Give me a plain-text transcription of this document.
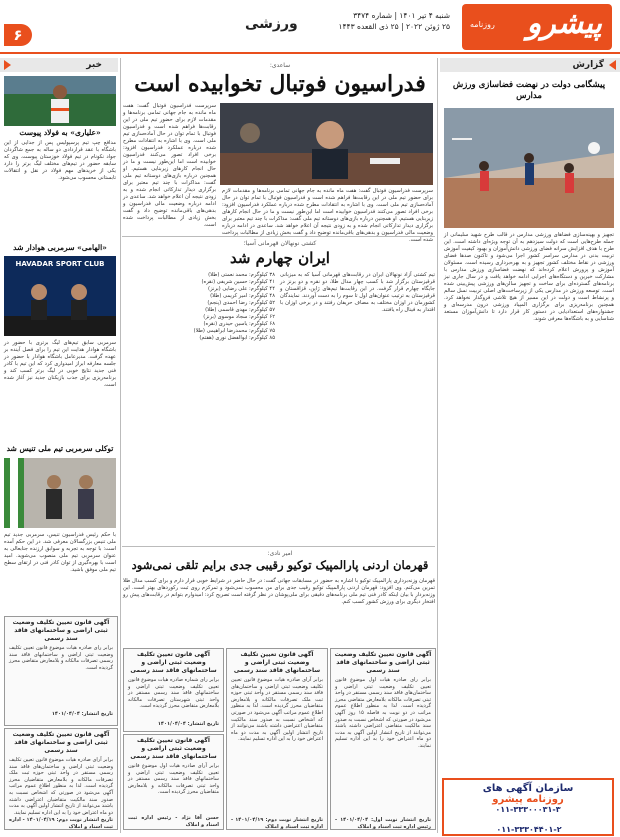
پیشرو
روزنامه
شنبه ۴ تیر ۱۴۰۱ | شماره ۳۴۷۴
۲۵ ژوئن ۲۰۲۲ | ۲۵ ذی القعده ۱۴۴۳
ورزشی
۶
گزارش
خبر
پیشگامی دولت در نهضت فضاسازی ورزش مدارس
تجهیز و بهینه‌سازی فضاهای ورزشی مدارس در قالب طرح شهید سلیمانی از جمله طرح‌هایی است که دولت سیزدهم به آن توجه ویژه‌ای داشته است. این طرح با هدف افزایش سرانه فضای ورزشی دانش‌آموزان و بهبود کیفیت آموزش تربیت بدنی در مدارس سراسر کشور اجرا می‌شود و تاکنون صدها فضای ورزشی در نقاط مختلف کشور تجهیز و به بهره‌برداری رسیده است. مسئولان آموزش و پرورش اعلام کرده‌اند که نهضت فضاسازی ورزش مدارس با مشارکت خیرین و دستگاه‌های اجرایی ادامه خواهد یافت و در سال جاری نیز برنامه‌های گسترده‌ای برای ساخت و تجهیز سالن‌های ورزشی پیش‌بینی شده است. توسعه ورزش در مدارس یکی از زیرساخت‌های اصلی تربیت نسل سالم و پرنشاط است و دولت در این مسیر از هیچ تلاشی فروگذار نخواهد کرد. همچنین برنامه‌ریزی برای برگزاری المپیاد ورزشی درون مدرسه‌ای و جشنواره‌های استعدادیابی در دستور کار قرار دارد تا دانش‌آموزان مستعد شناسایی و به باشگاه‌ها معرفی شوند.
سازمان آگهی های
روزنامه پیشرو
۰۱۱-۳۳۳۰۰۰۳۱-۳
۰۱۱-۳۳۳۰۴۴۰۱-۲
ساعدی:
فدراسیون فوتبال تخوابیده است
سرپرست فدراسیون فوتبال گفت: هفت ماه مانده به جام جهانی تمامی برنامه‌ها و مقدمات لازم برای حضور تیم ملی در این رقابت‌ها فراهم شده است و فدراسیون فوتبال با تمام توان در حال آماده‌سازی تیم ملی است. وی با اشاره به انتقادات مطرح شده درباره عملکرد فدراسیون افزود: برخی افراد تصور می‌کنند فدراسیون خوابیده است اما این‌طور نیست و ما در حال انجام کارهای زیربنایی هستیم. او همچنین درباره بازی‌های دوستانه تیم ملی گفت: مذاکرات با چند تیم معتبر برای برگزاری دیدار تدارکاتی انجام شده و به زودی نتیجه آن اعلام خواهد شد. ساعدی در ادامه درباره وضعیت مالی فدراسیون و بدهی‌های باقی‌مانده توضیح داد و گفت بخش زیادی از مطالبات پرداخت شده است.
سرپرست فدراسیون فوتبال گفت: هفت ماه مانده به جام جهانی تمامی برنامه‌ها و مقدمات لازم برای حضور تیم ملی در این رقابت‌ها فراهم شده است و فدراسیون فوتبال با تمام توان در حال آماده‌سازی تیم ملی است. وی با اشاره به انتقادات مطرح شده درباره عملکرد فدراسیون افزود: برخی افراد تصور می‌کنند فدراسیون خوابیده است اما این‌طور نیست و ما در حال انجام کارهای زیربنایی هستیم. او همچنین درباره بازی‌های دوستانه تیم ملی گفت: مذاکرات با چند تیم معتبر برای برگزاری دیدار تدارکاتی انجام شده و به زودی نتیجه آن اعلام خواهد شد. ساعدی در ادامه درباره وضعیت مالی فدراسیون و بدهی‌های باقی‌مانده توضیح داد و گفت بخش زیادی از مطالبات پرداخت شده است.
کشتی نونهالان قهرمانی آسیا؛
ایران چهارم شد
تیم کشتی آزاد نونهالان ایران در رقابت‌های قهرمانی آسیا که به میزبانی قرقیزستان برگزار شد با کسب چهار مدال طلا، دو نقره و دو برنز در جایگاه چهارم قرار گرفت. در این رقابت‌ها تیم‌های ژاپن، قزاقستان و قرقیزستان به ترتیب عنوان‌های اول تا سوم را به دست آوردند. نمایندگان کشورمان در اوزان مختلف به مصاف حریفان رفتند و در برخی اوزان با اقتدار به فینال راه یافتند.
۳۸ کیلوگرم: محمد نعمتی (طلا)
۴۱ کیلوگرم: حسین شریفی (نقره)
۴۴ کیلوگرم: علی رضایی (برنز)
۴۸ کیلوگرم: امیر کریمی (طلا)
۵۲ کیلوگرم: رضا احمدی (پنجم)
۵۷ کیلوگرم: مهدی قاسمی (طلا)
۶۲ کیلوگرم: سجاد موسوی (برنز)
۶۸ کیلوگرم: یاسین حیدری (نقره)
۷۵ کیلوگرم: محمدرضا ابراهیمی (طلا)
۸۵ کیلوگرم: ابوالفضل نوری (هفتم)
امیر نادی:
قهرمان اردنی پارالمپیک توکیو رقیبی جدی برایم تلقی نمی‌شود
قهرمان وزنه‌برداری پارالمپیک توکیو با اشاره به حضور در مسابقات جهانی گفت: در حال حاضر در شرایط خوبی قرار دارم و برای کسب مدال طلا تمرین می‌کنم. وی افزود: قهرمان اردنی پارالمپیک توکیو رقیب جدی برای من محسوب نمی‌شود و تمرکزم روی ثبت رکوردهای بهتر است. این وزنه‌بردار با بیان اینکه کادر فنی تیم ملی برنامه‌های دقیقی برای ملی‌پوشان در نظر گرفته است تصریح کرد: امیدوارم بتوانم در رقابت‌های پیش رو افتخار دیگری برای ورزش کشور کسب کنم.
آگهی قانون تعیین تکلیف وضعیت ثبتی اراضی و ساختمانهای فاقد سند رسمی
برابر رای صادره هیات اول موضوع قانون تعیین تکلیف وضعیت ثبتی اراضی و ساختمان‌های فاقد سند رسمی مستقر در واحد ثبتی تصرفات مالکانه بلامعارض متقاضی محرز گردیده است. لذا به منظور اطلاع عموم مراتب در دو نوبت به فاصله ۱۵ روز آگهی می‌شود در صورتی که اشخاص نسبت به صدور سند مالکیت متقاضی اعتراضی داشته باشند می‌توانند از تاریخ انتشار اولین آگهی به مدت دو ماه اعتراض خود را به این اداره تسلیم نمایند.
تاریخ انتشار نوبت اول: ۱۴۰۱/۰۴/۰۴ - رئیس اداره ثبت اسناد و املاک
آگهی قانون تعیین تکلیف وضعیت ثبتی اراضی و ساختمانهای فاقد سند رسمی
برابر آرای صادره هیات موضوع قانون تعیین تکلیف وضعیت ثبتی اراضی و ساختمان‌های فاقد سند رسمی مستقر در واحد ثبتی حوزه ثبت ملک تصرفات مالکانه و بلامعارض متقاضیان محرز گردیده است. لذا به منظور اطلاع عموم مراتب آگهی می‌شود در صورتی که اشخاص نسبت به صدور سند مالکیت متقاضیان اعتراضی داشته باشند می‌توانند از تاریخ انتشار اولین آگهی به مدت دو ماه اعتراض خود را به این اداره تسلیم نمایند.
تاریخ انتشار نوبت دوم: ۱۴۰۱/۰۴/۱۹ - اداره ثبت اسناد و املاک
آگهی قانون تعیین تکلیف وضعیت ثبتی اراضی و ساختمانهای فاقد سند رسمی
برابر رای شماره صادره هیات موضوع قانون تعیین تکلیف وضعیت ثبتی اراضی و ساختمانهای فاقد سند رسمی مستقر در واحد ثبتی شهرستان تصرفات مالکانه بلامعارض متقاضی محرز گردیده است.
تاریخ انتشار: ۱۴۰۱/۰۴/۰۴
آگهی قانون تعیین تکلیف وضعیت ثبتی اراضی و ساختمانهای فاقد سند رسمی
برابر آرای صادره هیات اول موضوع قانون تعیین تکلیف وضعیت ثبتی اراضی و ساختمانهای فاقد سند رسمی مستقر در واحد ثبتی تصرفات مالکانه و بلامعارض متقاضیان محرز گردیده است.
حسن آقا نژاد - رئیس اداره ثبت اسناد و املاک
«علیاری» به فولاد پیوست
مدافع چپ تیم پرسپولیس پس از جدایی از این باشگاه با عقد قراردادی دو ساله به جمع شاگردان جواد نکونام در تیم فولاد خوزستان پیوست. وی که سابقه حضور در تیم‌های مختلف لیگ برتر را دارد یکی از خریدهای مهم فولاد در نقل و انتقالات تابستانی محسوب می‌شود.
«الهامی» سرمربی هوادار شد
HAVADAR SPORT CLUB
سرمربی سابق تیم‌های لیگ برتری با حضور در باشگاه هوادار هدایت این تیم را برای فصل آینده بر عهده گرفت. مدیرعامل باشگاه هوادار با حضور در جلسه معارفه ابراز امیدواری کرد که این تیم با کادر فنی جدید نتایج خوبی در لیگ برتر کسب کند و برنامه‌ریزی برای جذب بازیکنان جدید نیز آغاز شده است.
توکلی سرمربی تیم ملی تنیس شد
با حکم رئیس فدراسیون تنیس، سرمربی جدید تیم ملی تنیس بزرگسالان معرفی شد. در این حکم آمده است: با توجه به تجربه و سوابق ارزنده جنابعالی به عنوان سرمربی تیم ملی منصوب می‌شوید. امید است با بهره‌گیری از توان کادر فنی در ارتقای سطح تیم ملی موفق باشید.
آگهی قانون تعیین تکلیف وضعیت ثبتی اراضی و ساختمانهای فاقد سند رسمی
برابر رای صادره هیات موضوع قانون تعیین تکلیف وضعیت ثبتی اراضی و ساختمانهای فاقد سند رسمی تصرفات مالکانه و بلامعارض متقاضی محرز گردیده است.
تاریخ انتشار: ۱۴۰۱/۰۴/۰۴
آگهی قانون تعیین تکلیف وضعیت ثبتی اراضی و ساختمانهای فاقد سند رسمی
برابر آرای صادره هیات موضوع قانون تعیین تکلیف وضعیت ثبتی اراضی و ساختمان‌های فاقد سند رسمی مستقر در واحد ثبتی حوزه ثبت ملک تصرفات مالکانه و بلامعارض متقاضیان محرز گردیده است. لذا به منظور اطلاع عموم مراتب آگهی می‌شود در صورتی که اشخاص نسبت به صدور سند مالکیت متقاضیان اعتراضی داشته باشند می‌توانند از تاریخ انتشار اولین آگهی به مدت دو ماه اعتراض خود را به این اداره تسلیم نمایند.
تاریخ انتشار نوبت دوم: ۱۴۰۱/۰۴/۱۹ - اداره ثبت اسناد و املاک
